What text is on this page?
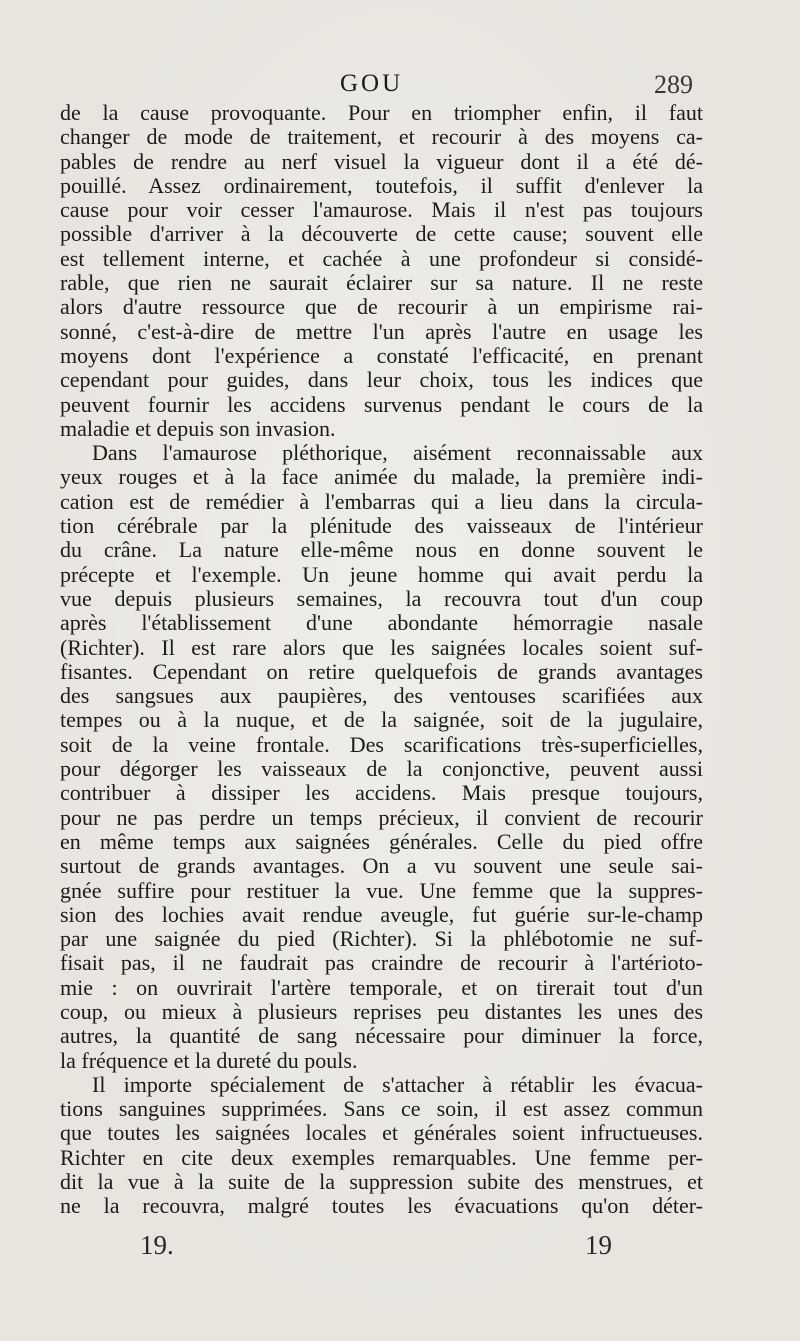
GOU	289
de la cause provoquante. Pour en triompher enfin, il faut
changer de mode de traitement, et recourir à des moyens ca-
pables de rendre au nerf visuel la vigueur dont il a été dé-
pouillé. Assez ordinairement, toutefois, il suffit d'enlever la
cause pour voir cesser l'amaurose. Mais il n'est pas toujours
possible d'arriver à la découverte de cette cause; souvent elle
est tellement interne, et cachée à une profondeur si considé-
rable, que rien ne saurait éclairer sur sa nature. Il ne reste
alors d'autre ressource que de recourir à un empirisme rai-
sonné, c'est-à-dire de mettre l'un après l'autre en usage les
moyens dont l'expérience a constaté l'efficacité, en prenant
cependant pour guides, dans leur choix, tous les indices que
peuvent fournir les accidens survenus pendant le cours de la
maladie et depuis son invasion.
Dans l'amaurose pléthorique, aisément reconnaissable aux
yeux rouges et à la face animée du malade, la première indi-
cation est de remédier à l'embarras qui a lieu dans la circula-
tion cérébrale par la plénitude des vaisseaux de l'intérieur
du crâne. La nature elle-même nous en donne souvent le
précepte et l'exemple. Un jeune homme qui avait perdu la
vue depuis plusieurs semaines, la recouvra tout d'un coup
après l'établissement d'une abondante hémorragie nasale
(Richter). Il est rare alors que les saignées locales soient suf-
fisantes. Cependant on retire quelquefois de grands avantages
des sangsues aux paupières, des ventouses scarifiées aux
tempes ou à la nuque, et de la saignée, soit de la jugulaire,
soit de la veine frontale. Des scarifications très-superficielles,
pour dégorger les vaisseaux de la conjonctive, peuvent aussi
contribuer à dissiper les accidens. Mais presque toujours,
pour ne pas perdre un temps précieux, il convient de recourir
en même temps aux saignées générales. Celle du pied offre
surtout de grands avantages. On a vu souvent une seule sai-
gnée suffire pour restituer la vue. Une femme que la suppres-
sion des lochies avait rendue aveugle, fut guérie sur-le-champ
par une saignée du pied (Richter). Si la phlébotomie ne suf-
fisait pas, il ne faudrait pas craindre de recourir à l'artérioto-
mie : on ouvrirait l'artère temporale, et on tirerait tout d'un
coup, ou mieux à plusieurs reprises peu distantes les unes des
autres, la quantité de sang nécessaire pour diminuer la force,
la fréquence et la dureté du pouls.
Il importe spécialement de s'attacher à rétablir les évacua-
tions sanguines supprimées. Sans ce soin, il est assez commun
que toutes les saignées locales et générales soient infructueuses.
Richter en cite deux exemples remarquables. Une femme per-
dit la vue à la suite de la suppression subite des menstrues, et
ne la recouvra, malgré toutes les évacuations qu'on déter-
19.	19
